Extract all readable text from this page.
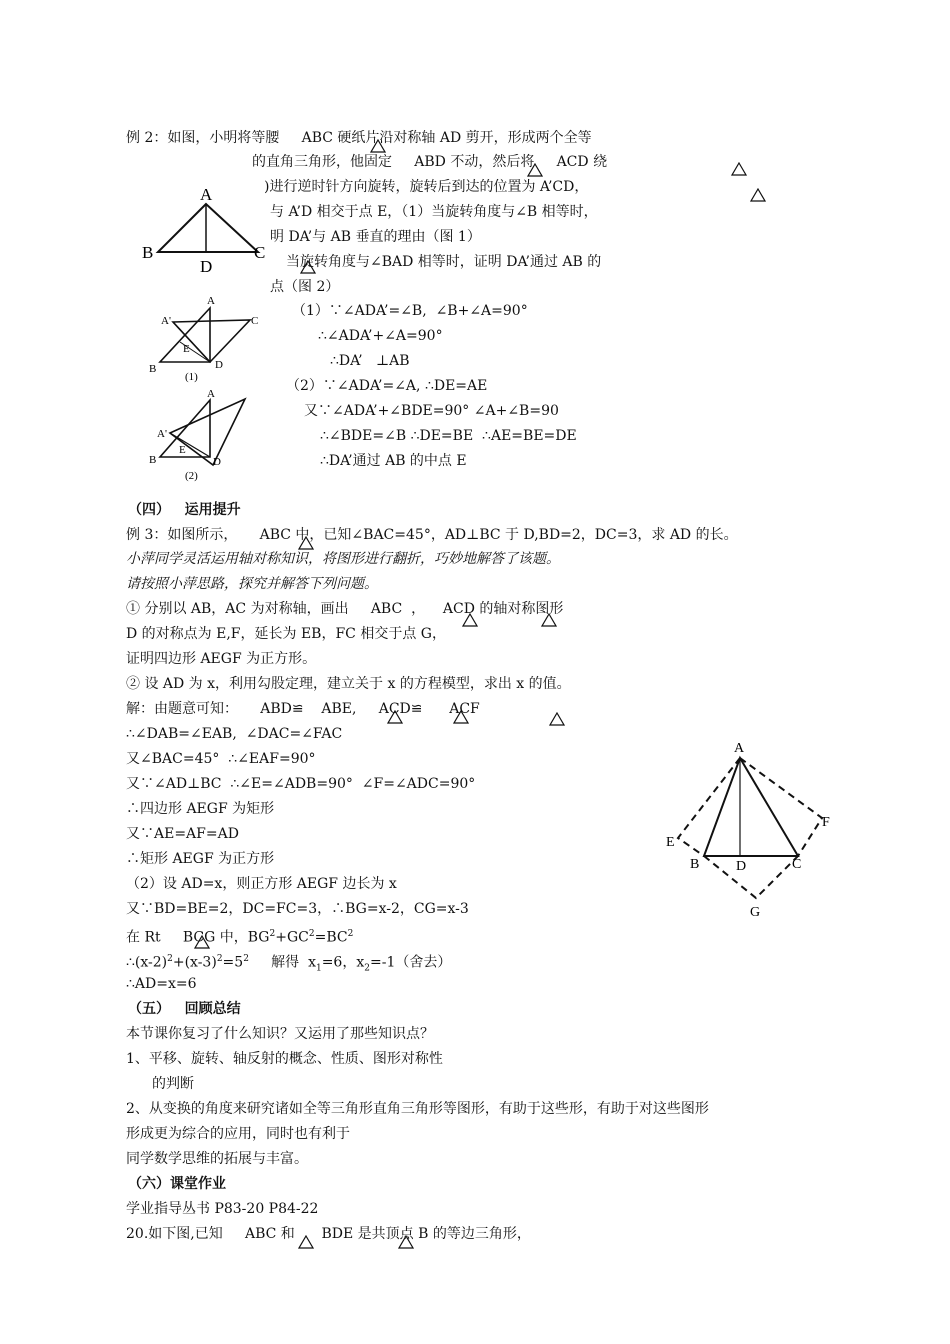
例 2：如图，小明将等腰     ABC 硬纸片沿对称轴 AD 剪开，形成两个全等
的直角三角形，他固定     ABD 不动，然后将     ACD 绕
)进行逆时针方向旋转，旋转后到达的位置为 A’CD，
与 A’D 相交于点 E，（1）当旋转角度与∠B 相等时，
明 DA’与 AB 垂直的理由（图 1）
当旋转角度与∠BAD 相等时，证明 DA’通过 AB 的
点（图 2）
（1）∵∠ADA’=∠B,  ∠B+∠A=90°
∴∠ADA’+∠A=90°
∴DA’   ⊥AB
（2）∵∠ADA’=∠A, ∴DE=AE
又∵∠ADA’+∠BDE=90° ∠A+∠B=90
∴∠BDE=∠B ∴DE=BE  ∴AE=BE=DE
∴DA’通过 AB 的中点 E
A
B	C
D
A
A'	C
E
B	D
(1)
A
A'
E
B	D
(2)
（四）   运用提升
例 3：如图所示，     ABC 中，已知∠BAC=45°，AD⊥BC 于 D,BD=2，DC=3，求 AD 的长。
小萍同学灵活运用轴对称知识，将图形进行翻折，巧妙地解答了该题。
请按照小萍思路，探究并解答下列问题。
① 分别以 AB，AC 为对称轴，画出     ABC  ，    ACD 的轴对称图形
D 的对称点为 E,F，延长为 EB，FC 相交于点 G，
证明四边形 AEGF 为正方形。
② 设 AD 为 x，利用勾股定理，建立关于 x 的方程模型，求出 x 的值。
解：由题意可知：     ABD≌    ABE,     ACD≌      ACF
∴∠DAB=∠EAB,  ∠DAC=∠FAC
又∠BAC=45°  ∴∠EAF=90°
又∵∠AD⊥BC  ∴∠E=∠ADB=90°  ∠F=∠ADC=90°
∴四边形 AEGF 为矩形
又∵AE=AF=AD
∴矩形 AEGF 为正方形
（2）设 AD=x，则正方形 AEGF 边长为 x
又∵BD=BE=2，DC=FC=3，∴BG=x-2，CG=x-3
在 Rt     BCG 中，$BG^2+GC^2=BC^2$
$\therefore(x-2)^2+(x-3)^2=5^2$     解得  $x_1=6$，$x_2=-1$（舍去）
∴AD=x=6
A
E
F
B	D	C
G
（五）   回顾总结
本节课你复习了什么知识？又运用了那些知识点？
1、平移、旋转、轴反射的概念、性质、图形对称性
的判断
2、从变换的角度来研究诸如全等三角形直角三角形等图形，有助于这些形，有助于对这些图形
形成更为综合的应用，同时也有利于
同学数学思维的拓展与丰富。
（六）课堂作业
学业指导丛书 P83-20 P84-22
20.如下图,已知     ABC 和      BDE 是共顶点 B 的等边三角形，
